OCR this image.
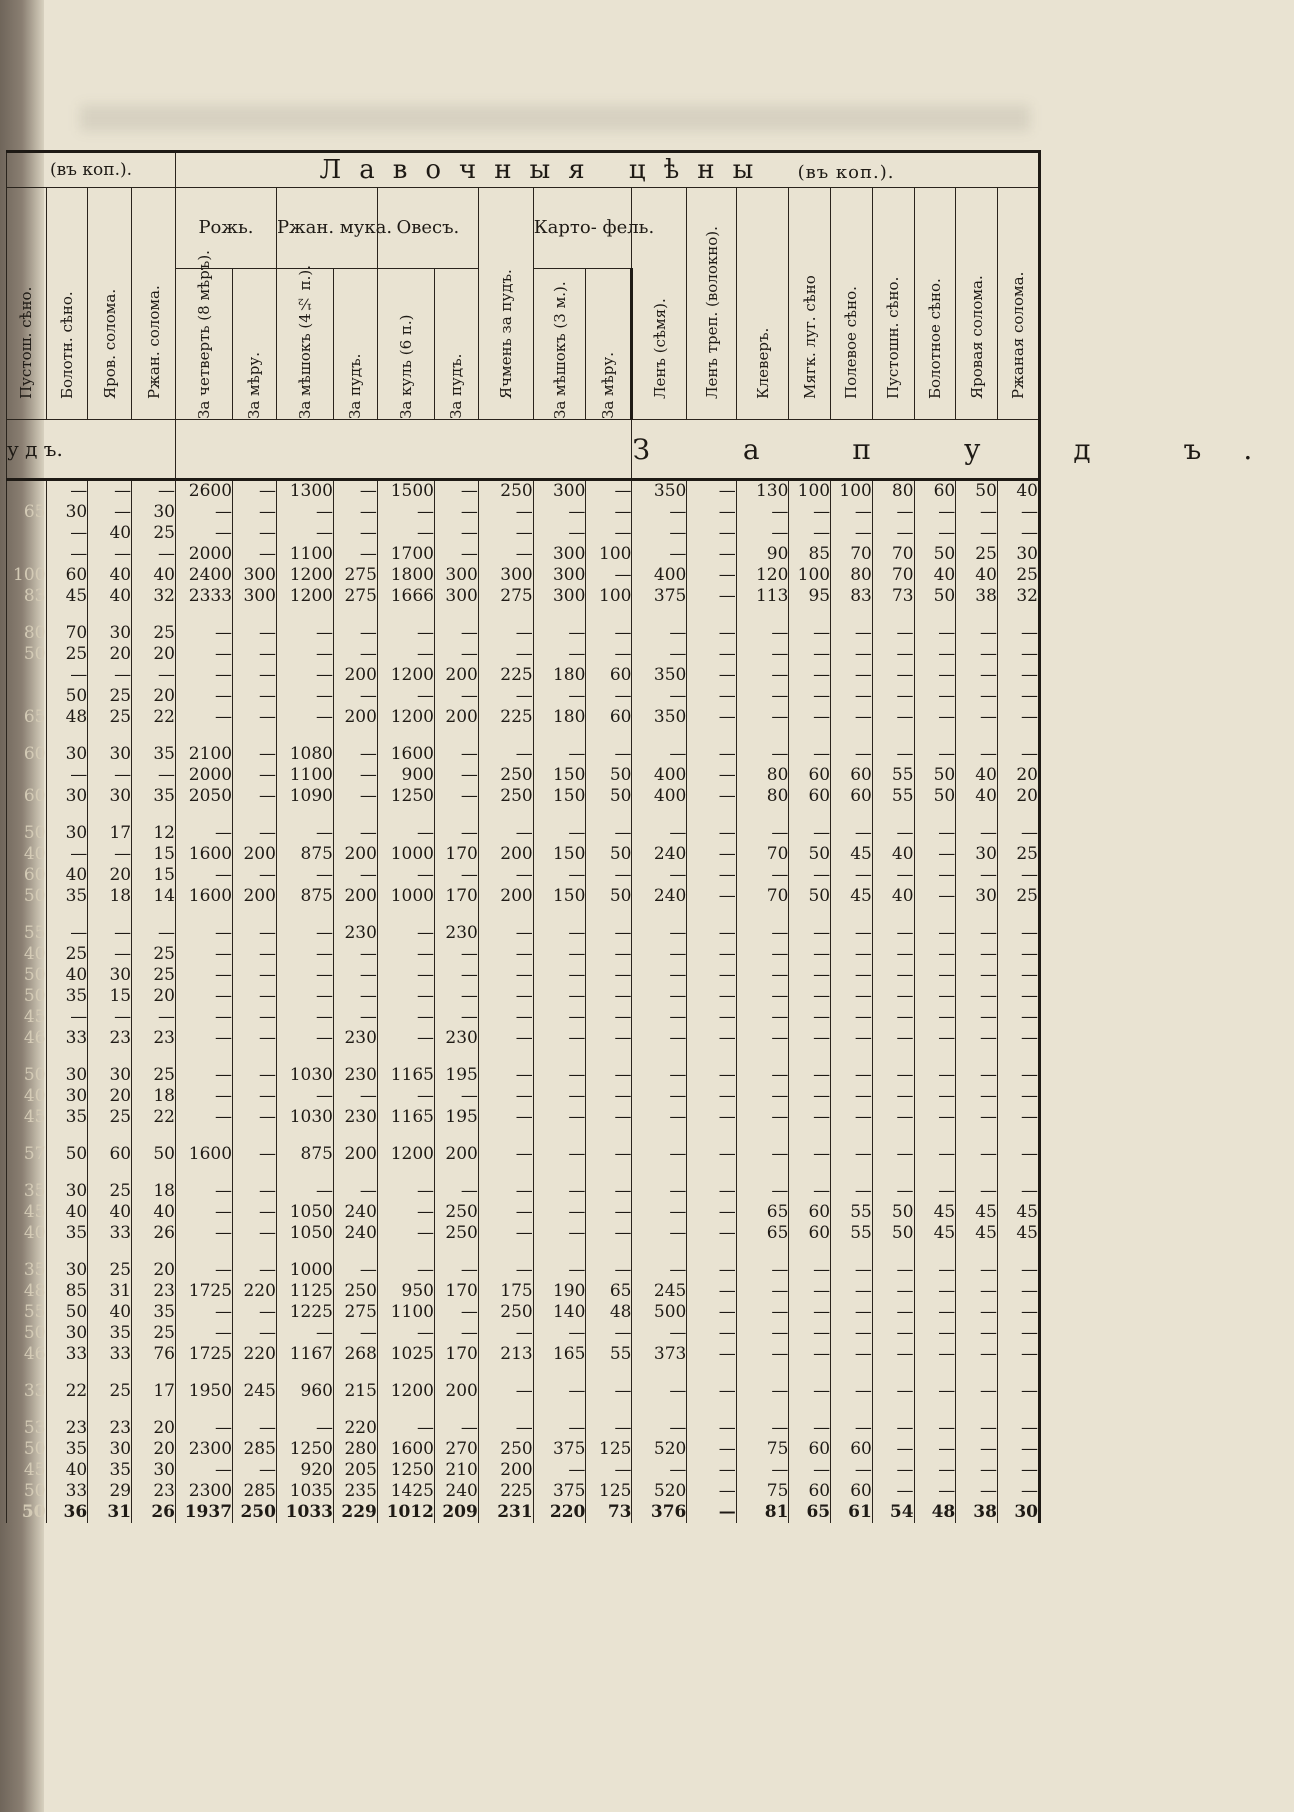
(въ коп.).				Лавочныя цѣны (въ коп.).																	

Пустош. сѣно.	Болотн. сѣно.	Яров. солома.	Ржан. солома.	Рожь.		Ржан. мука.		Овесъ.		Ячмень за пудъ.	Карто- фель.		Ленъ (сѣмя).	Ленъ треп. (волокно).	Клеверъ.	Мягк. луг. сѣно	Полевое сѣно.	Пустошн. сѣно.	Болотное сѣно.	Яровая солома.	Ржаная солома.

				За четверть (8 мѣръ).	За мѣру.	За мѣшокъ (4½ п.).	За пудъ.	За куль (6 п.)	За пудъ.		За мѣшокъ (3 м.).	За мѣру.									

у д ъ.													З а п у д ъ.								
	—	—	—	2600	—	1300	—	1500	—	250	300	—	350	—	130	100	100	80	60	50	40
65	30	—	30	—	—	—	—	—	—	—	—	—	—	—	—	—	—	—	—	—	—
	—	40	25	—	—	—	—	—	—	—	—	—	—	—	—	—	—	—	—	—	—
	—	—	—	2000	—	1100	—	1700	—	—	300	100	—	—	90	85	70	70	50	25	30
100	60	40	40	2400	300	1200	275	1800	300	300	300	—	400	—	120	100	80	70	40	40	25
83	45	40	32	2333	300	1200	275	1666	300	275	300	100	375	—	113	95	83	73	50	38	32

80	70	30	25	—	—	—	—	—	—	—	—	—	—	—	—	—	—	—	—	—	—
50	25	20	20	—	—	—	—	—	—	—	—	—	—	—	—	—	—	—	—	—	—
	—	—	—	—	—	—	200	1200	200	225	180	60	350	—	—	—	—	—	—	—	—
	50	25	20	—	—	—	—	—	—	—	—	—	—	—	—	—	—	—	—	—	—
65	48	25	22	—	—	—	200	1200	200	225	180	60	350	—	—	—	—	—	—	—	—

60	30	30	35	2100	—	1080	—	1600	—	—	—	—	—	—	—	—	—	—	—	—	—
	—	—	—	2000	—	1100	—	900	—	250	150	50	400	—	80	60	60	55	50	40	20
60	30	30	35	2050	—	1090	—	1250	—	250	150	50	400	—	80	60	60	55	50	40	20

50	30	17	12	—	—	—	—	—	—	—	—	—	—	—	—	—	—	—	—	—	—
40	—	—	15	1600	200	875	200	1000	170	200	150	50	240	—	70	50	45	40	—	30	25
60	40	20	15	—	—	—	—	—	—	—	—	—	—	—	—	—	—	—	—	—	—
50	35	18	14	1600	200	875	200	1000	170	200	150	50	240	—	70	50	45	40	—	30	25

55	—	—	—	—	—	—	230	—	230	—	—	—	—	—	—	—	—	—	—	—	—
40	25	—	25	—	—	—	—	—	—	—	—	—	—	—	—	—	—	—	—	—	—
50	40	30	25	—	—	—	—	—	—	—	—	—	—	—	—	—	—	—	—	—	—
50	35	15	20	—	—	—	—	—	—	—	—	—	—	—	—	—	—	—	—	—	—
45	—	—	—	—	—	—	—	—	—	—	—	—	—	—	—	—	—	—	—	—	—
46	33	23	23	—	—	—	230	—	230	—	—	—	—	—	—	—	—	—	—	—	—

50	30	30	25	—	—	1030	230	1165	195	—	—	—	—	—	—	—	—	—	—	—	—
40	30	20	18	—	—	—	—	—	—	—	—	—	—	—	—	—	—	—	—	—	—
45	35	25	22	—	—	1030	230	1165	195	—	—	—	—	—	—	—	—	—	—	—	—

57	50	60	50	1600	—	875	200	1200	200	—	—	—	—	—	—	—	—	—	—	—	—

35	30	25	18	—	—	—	—	—	—	—	—	—	—	—	—	—	—	—	—	—	—
45	40	40	40	—	—	1050	240	—	250	—	—	—	—	—	65	60	55	50	45	45	45
40	35	33	26	—	—	1050	240	—	250	—	—	—	—	—	65	60	55	50	45	45	45

35	30	25	20	—	—	1000	—	—	—	—	—	—	—	—	—	—	—	—	—	—	—
48	85	31	23	1725	220	1125	250	950	170	175	190	65	245	—	—	—	—	—	—	—	—
55	50	40	35	—	—	1225	275	1100	—	250	140	48	500	—	—	—	—	—	—	—	—
50	30	35	25	—	—	—	—	—	—	—	—	—	—	—	—	—	—	—	—	—	—
46	33	33	76	1725	220	1167	268	1025	170	213	165	55	373	—	—	—	—	—	—	—	—

33	22	25	17	1950	245	960	215	1200	200	—	—	—	—	—	—	—	—	—	—	—	—

53	23	23	20	—	—	—	220	—	—	—	—	—	—	—	—	—	—	—	—	—	—
50	35	30	20	2300	285	1250	280	1600	270	250	375	125	520	—	75	60	60	—	—	—	—
45	40	35	30	—	—	920	205	1250	210	200	—	—	—	—	—	—	—	—	—	—	—
50	33	29	23	2300	285	1035	235	1425	240	225	375	125	520	—	75	60	60	—	—	—	—
50	36	31	26	1937	250	1033	229	1012	209	231	220	73	376	—	81	65	61	54	48	38	30
